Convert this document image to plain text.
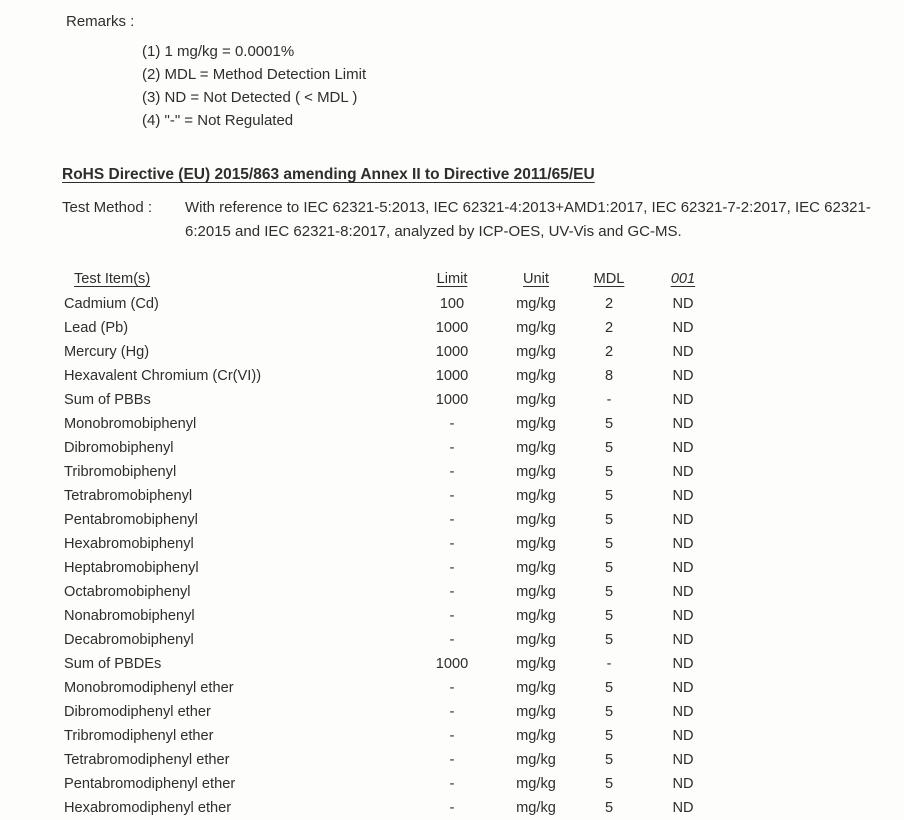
Remarks :
(1) 1 mg/kg = 0.0001%
(2) MDL = Method Detection Limit
(3) ND = Not Detected ( < MDL )
(4) "-" = Not Regulated
RoHS Directive (EU) 2015/863 amending Annex II to Directive 2011/65/EU
Test Method :	With reference to IEC 62321-5:2013, IEC 62321-4:2013+AMD1:2017, IEC 62321-7-2:2017, IEC 62321-6:2015 and IEC 62321-8:2017, analyzed by ICP-OES, UV-Vis and GC-MS.
Test Item(s)	Limit	Unit	MDL	001
Cadmium (Cd)	100	mg/kg	2	ND
Lead (Pb)	1000	mg/kg	2	ND
Mercury (Hg)	1000	mg/kg	2	ND
Hexavalent Chromium (Cr(VI))	1000	mg/kg	8	ND
Sum of PBBs	1000	mg/kg	-	ND
Monobromobiphenyl	-	mg/kg	5	ND
Dibromobiphenyl	-	mg/kg	5	ND
Tribromobiphenyl	-	mg/kg	5	ND
Tetrabromobiphenyl	-	mg/kg	5	ND
Pentabromobiphenyl	-	mg/kg	5	ND
Hexabromobiphenyl	-	mg/kg	5	ND
Heptabromobiphenyl	-	mg/kg	5	ND
Octabromobiphenyl	-	mg/kg	5	ND
Nonabromobiphenyl	-	mg/kg	5	ND
Decabromobiphenyl	-	mg/kg	5	ND
Sum of PBDEs	1000	mg/kg	-	ND
Monobromodiphenyl ether	-	mg/kg	5	ND
Dibromodiphenyl ether	-	mg/kg	5	ND
Tribromodiphenyl ether	-	mg/kg	5	ND
Tetrabromodiphenyl ether	-	mg/kg	5	ND
Pentabromodiphenyl ether	-	mg/kg	5	ND
Hexabromodiphenyl ether	-	mg/kg	5	ND
